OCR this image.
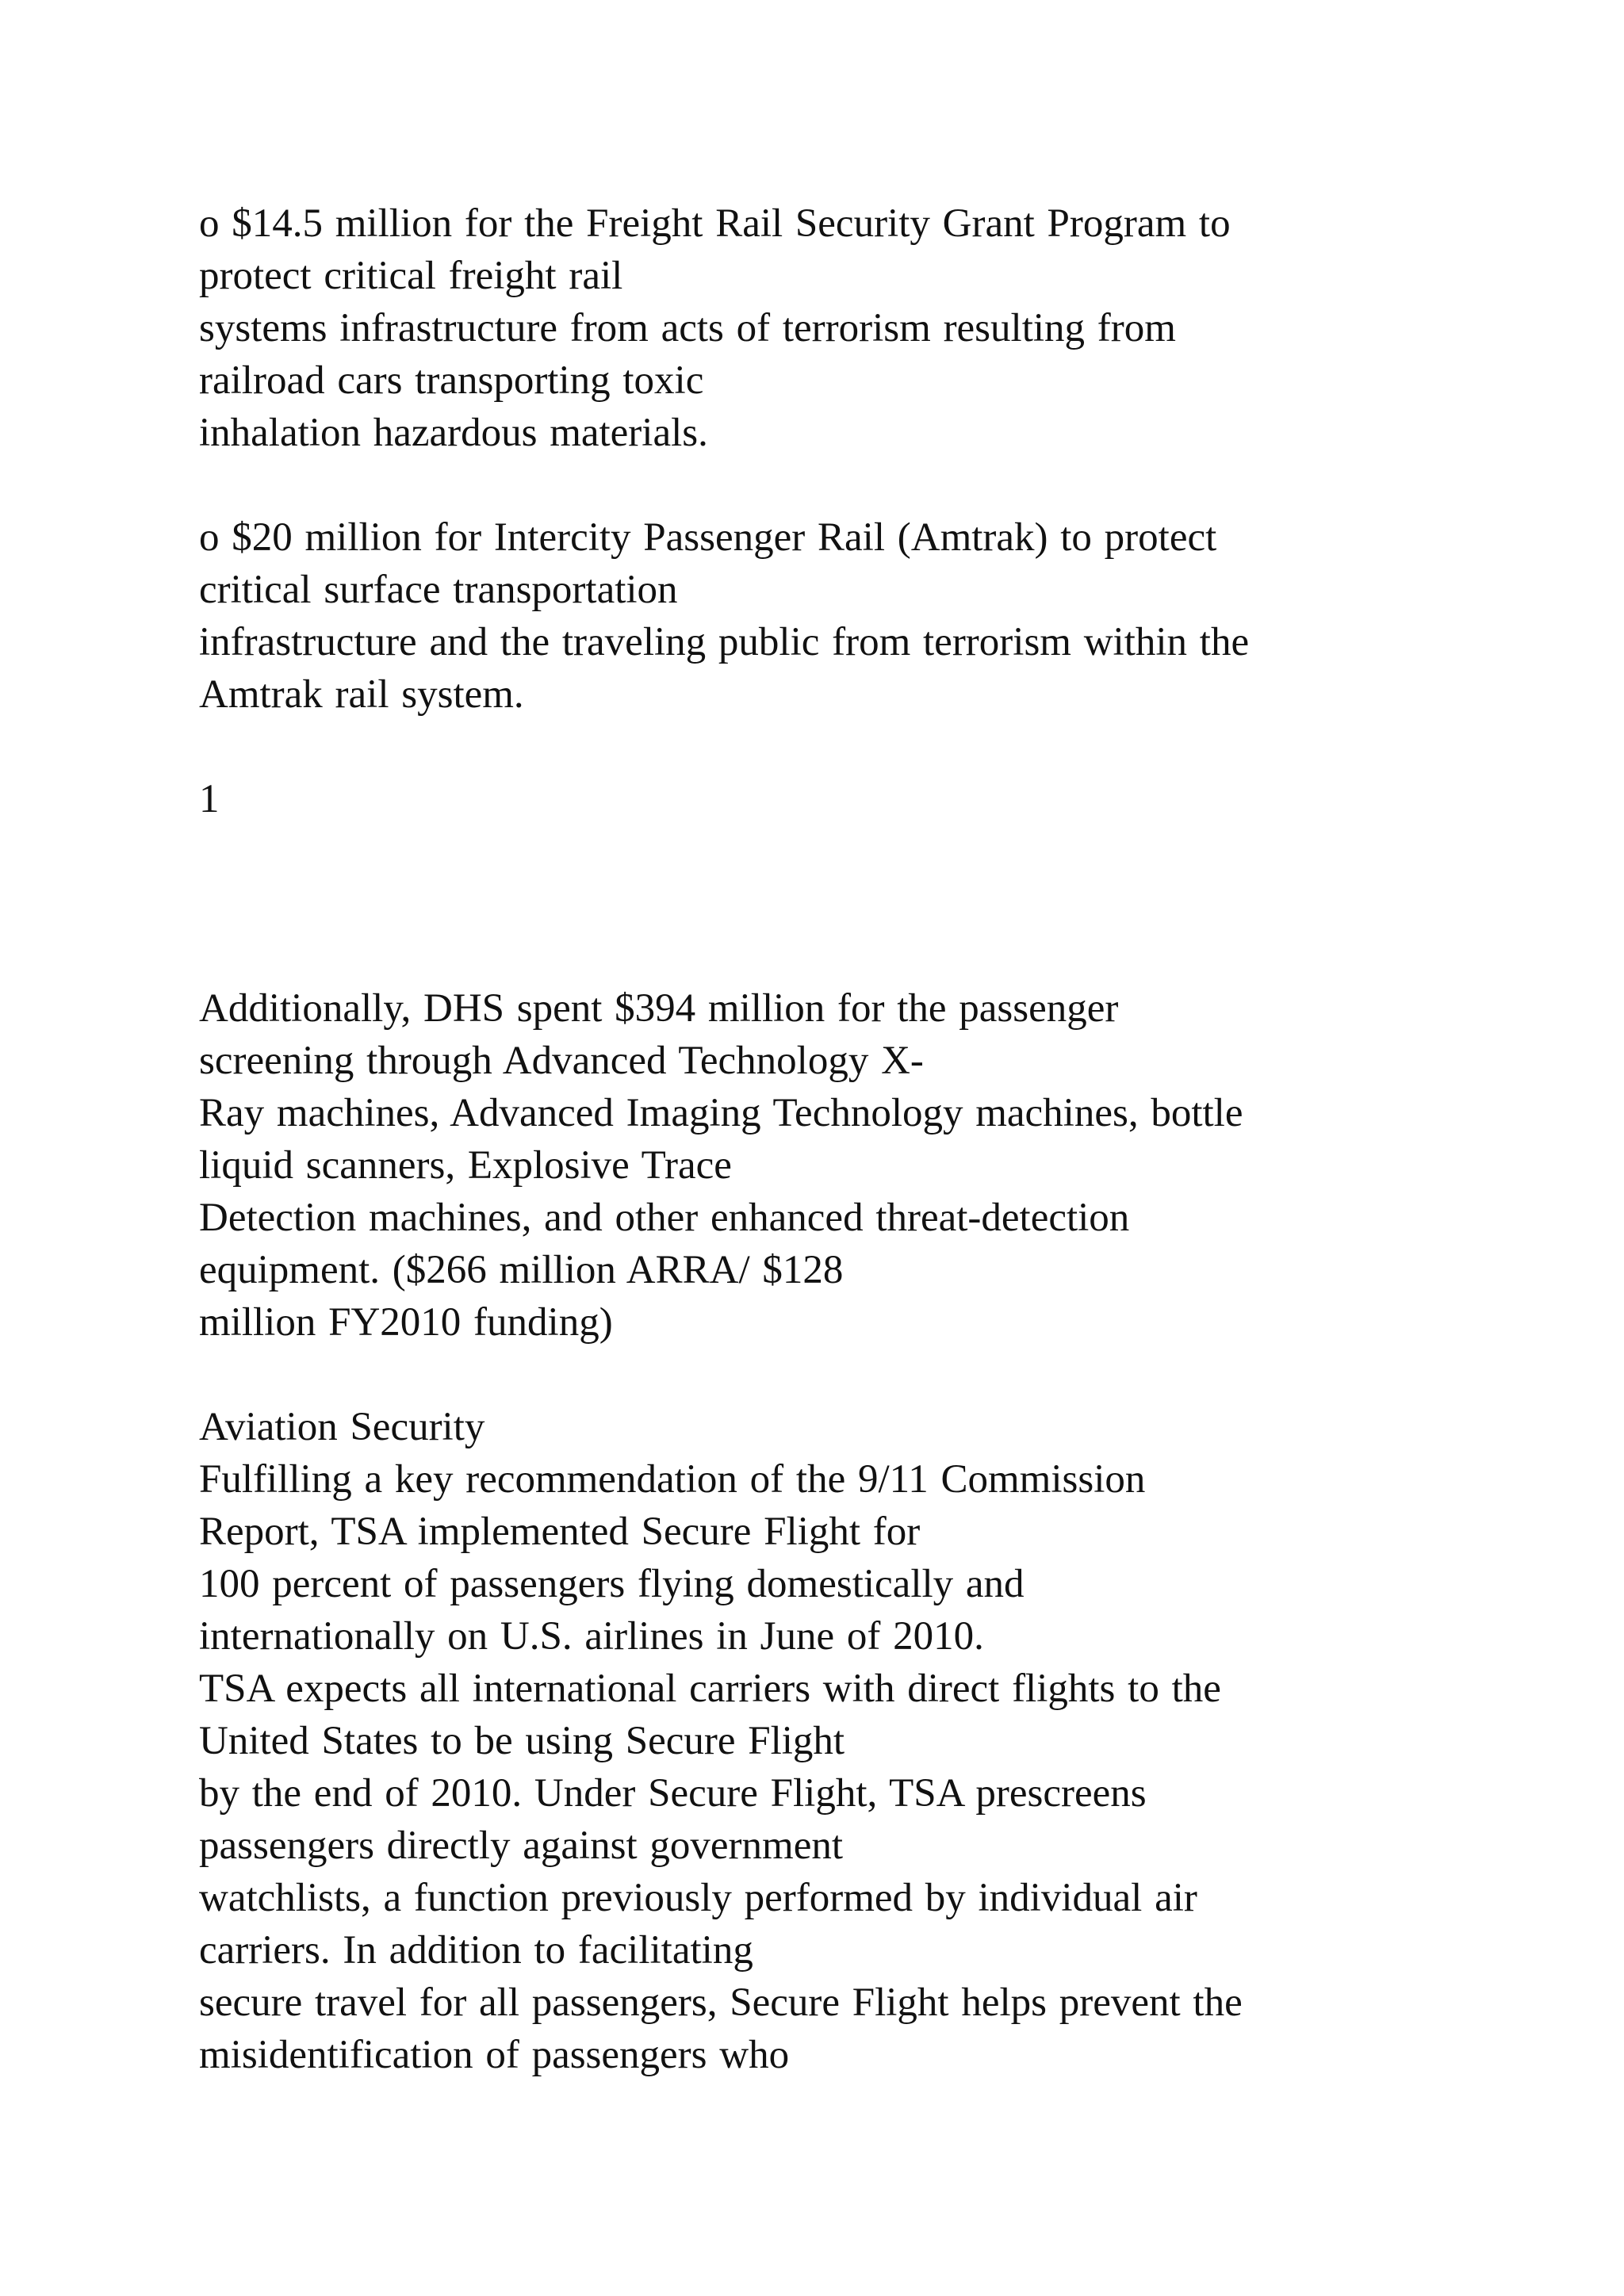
o $14.5 million for the Freight Rail Security Grant Program to
protect critical freight rail
systems infrastructure from acts of terrorism resulting from
railroad cars transporting toxic
inhalation hazardous materials.
o $20 million for Intercity Passenger Rail (Amtrak) to protect
critical surface transportation
infrastructure and the traveling public from terrorism within the
Amtrak rail system.
1
Additionally, DHS spent $394 million for the passenger
screening through Advanced Technology X-
Ray machines, Advanced Imaging Technology machines, bottle
liquid scanners, Explosive Trace
Detection machines, and other enhanced threat-detection
equipment. ($266 million ARRA/ $128
million FY2010 funding)
Aviation Security
Fulfilling a key recommendation of the 9/11 Commission
Report, TSA implemented Secure Flight for
100 percent of passengers flying domestically and
internationally on U.S. airlines in June of 2010.
TSA expects all international carriers with direct flights to the
United States to be using Secure Flight
by the end of 2010. Under Secure Flight, TSA prescreens
passengers directly against government
watchlists, a function previously performed by individual air
carriers. In addition to facilitating
secure travel for all passengers, Secure Flight helps prevent the
misidentification of passengers who
